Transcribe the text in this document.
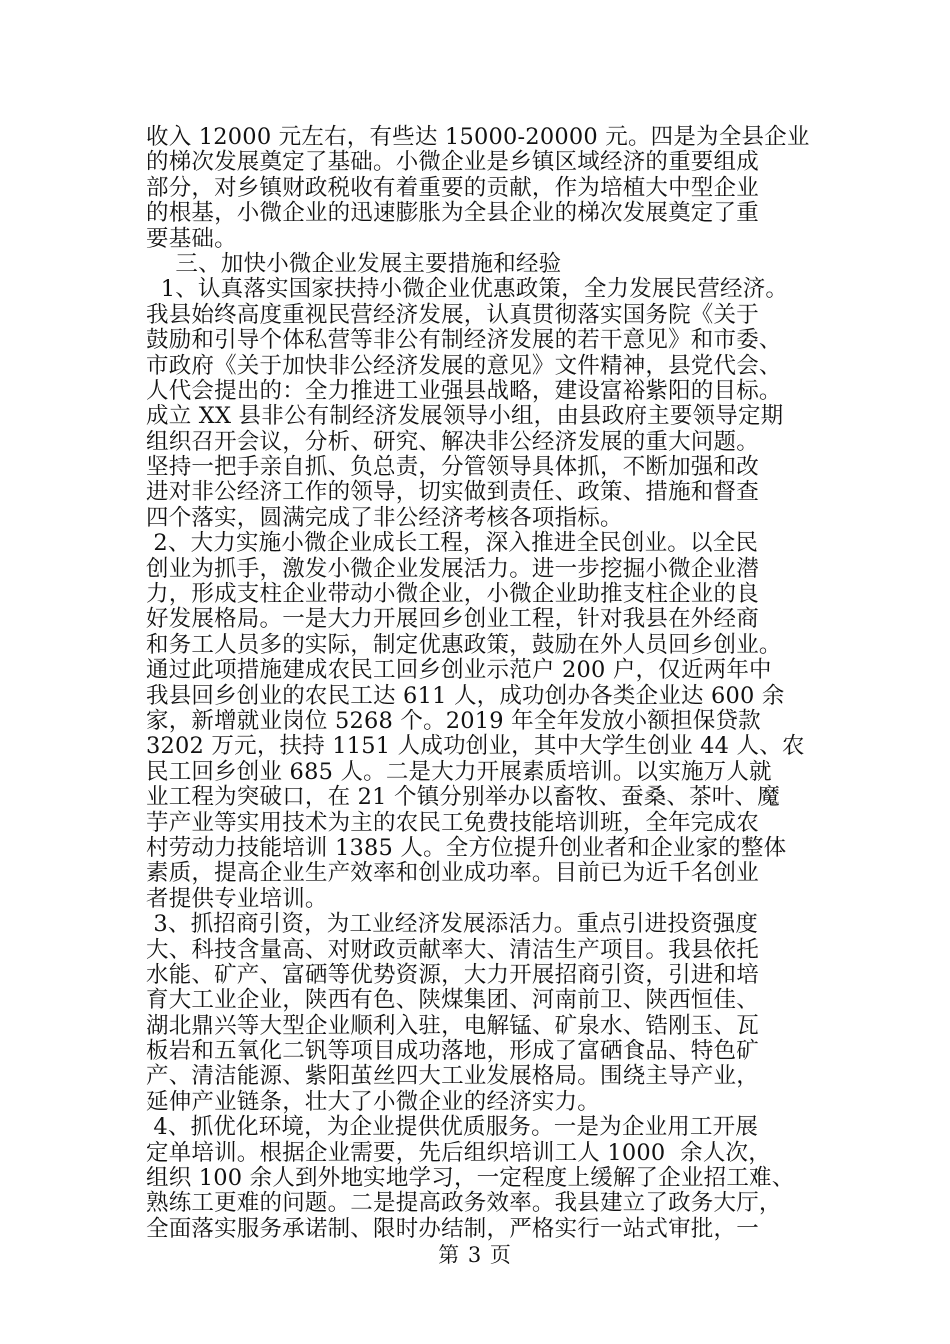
收入 12000 元左右，有些达 15000-20000 元。四是为全县企业
的梯次发展奠定了基础。小微企业是乡镇区域经济的重要组成
部分，对乡镇财政税收有着重要的贡献，作为培植大中型企业
的根基，小微企业的迅速膨胀为全县企业的梯次发展奠定了重
要基础。
三、加快小微企业发展主要措施和经验
1、认真落实国家扶持小微企业优惠政策，全力发展民营经济。
我县始终高度重视民营经济发展，认真贯彻落实国务院《关于
鼓励和引导个体私营等非公有制经济发展的若干意见》和市委、
市政府《关于加快非公经济发展的意见》文件精神，县党代会、
人代会提出的：全力推进工业强县战略，建设富裕紫阳的目标。
成立 XX 县非公有制经济发展领导小组，由县政府主要领导定期
组织召开会议，分析、研究、解决非公经济发展的重大问题。
坚持一把手亲自抓、负总责，分管领导具体抓，不断加强和改
进对非公经济工作的领导，切实做到责任、政策、措施和督查
四个落实，圆满完成了非公经济考核各项指标。
2、大力实施小微企业成长工程，深入推进全民创业。以全民
创业为抓手，激发小微企业发展活力。进一步挖掘小微企业潜
力，形成支柱企业带动小微企业，小微企业助推支柱企业的良
好发展格局。一是大力开展回乡创业工程，针对我县在外经商
和务工人员多的实际，制定优惠政策，鼓励在外人员回乡创业。
通过此项措施建成农民工回乡创业示范户 200 户，仅近两年中
我县回乡创业的农民工达 611 人，成功创办各类企业达 600 余
家，新增就业岗位 5268 个。2019 年全年发放小额担保贷款
3202 万元，扶持 1151 人成功创业，其中大学生创业 44 人、农
民工回乡创业 685 人。二是大力开展素质培训。以实施万人就
业工程为突破口，在 21 个镇分别举办以畜牧、蚕桑、茶叶、魔
芋产业等实用技术为主的农民工免费技能培训班，全年完成农
村劳动力技能培训 1385 人。全方位提升创业者和企业家的整体
素质，提高企业生产效率和创业成功率。目前已为近千名创业
者提供专业培训。
3、抓招商引资，为工业经济发展添活力。重点引进投资强度
大、科技含量高、对财政贡献率大、清洁生产项目。我县依托
水能、矿产、富硒等优势资源，大力开展招商引资，引进和培
育大工业企业，陕西有色、陕煤集团、河南前卫、陕西恒佳、
湖北鼎兴等大型企业顺利入驻，电解锰、矿泉水、锆刚玉、瓦
板岩和五氧化二钒等项目成功落地，形成了富硒食品、特色矿
产、清洁能源、紫阳茧丝四大工业发展格局。围绕主导产业，
延伸产业链条，壮大了小微企业的经济实力。
4、抓优化环境，为企业提供优质服务。一是为企业用工开展
定单培训。根据企业需要，先后组织培训工人 1000  余人次，
组织 100 余人到外地实地学习，一定程度上缓解了企业招工难、
熟练工更难的问题。二是提高政务效率。我县建立了政务大厅，
全面落实服务承诺制、限时办结制，严格实行一站式审批，一
第 3 页
